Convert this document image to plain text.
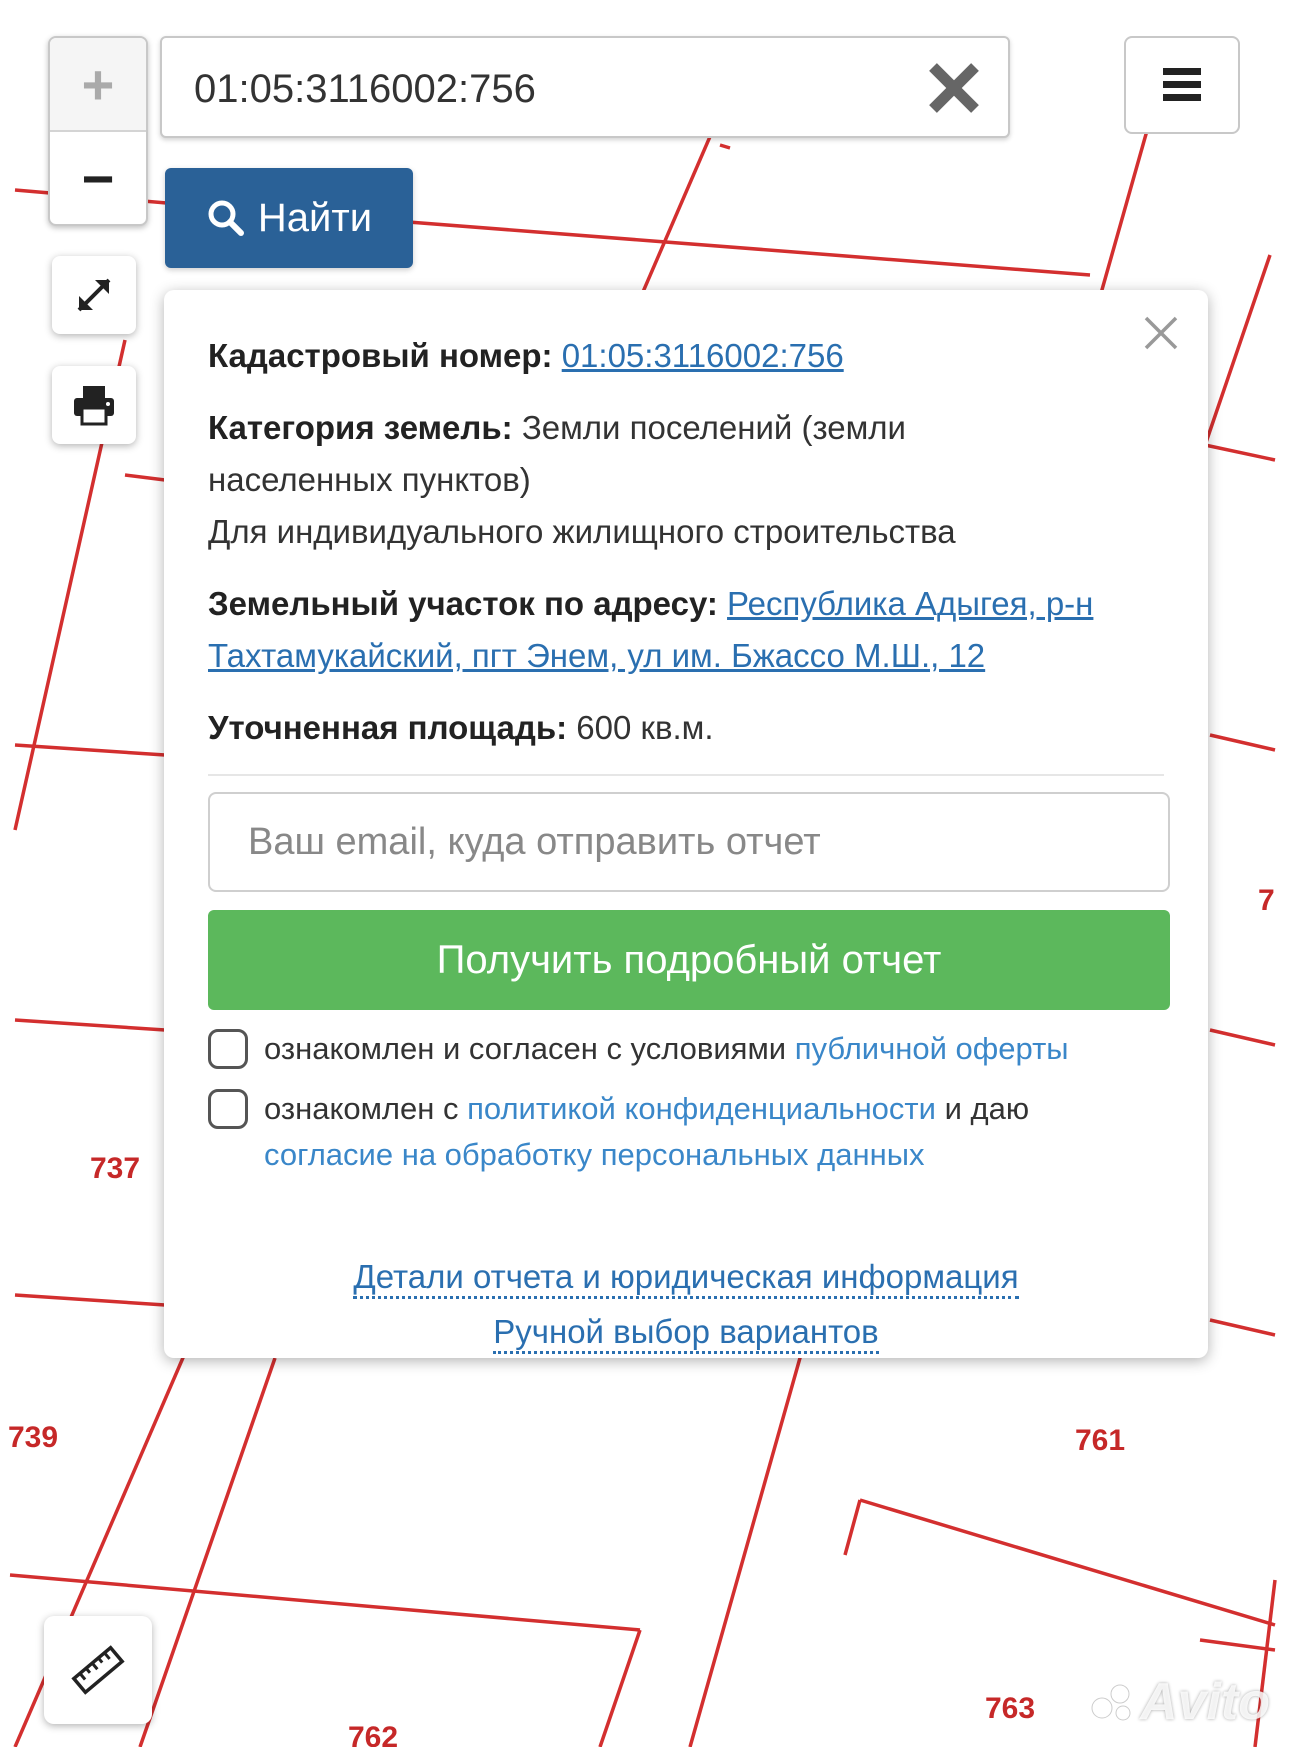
737
739	761
762
763
7
+
−
01:05:3116002:756
Найти
Кадастровый номер: 01:05:3116002:756
Категория земель: Земли поселений (земли населенных пунктов)
Для индивидуального жилищного строительства
Земельный участок по адресу: Республика Адыгея, р-н Тахтамукайский, пгт Энем, ул им. Бжассо М.Ш., 12
Уточненная площадь: 600 кв.м.
Ваш email, куда отправить отчет
Получить подробный отчет
ознакомлен и согласен с условиями публичной оферты
ознакомлен с политикой конфиденциальности и даю согласие на обработку персональных данных
Детали отчета и юридическая информация
Ручной выбор вариантов
Avito
